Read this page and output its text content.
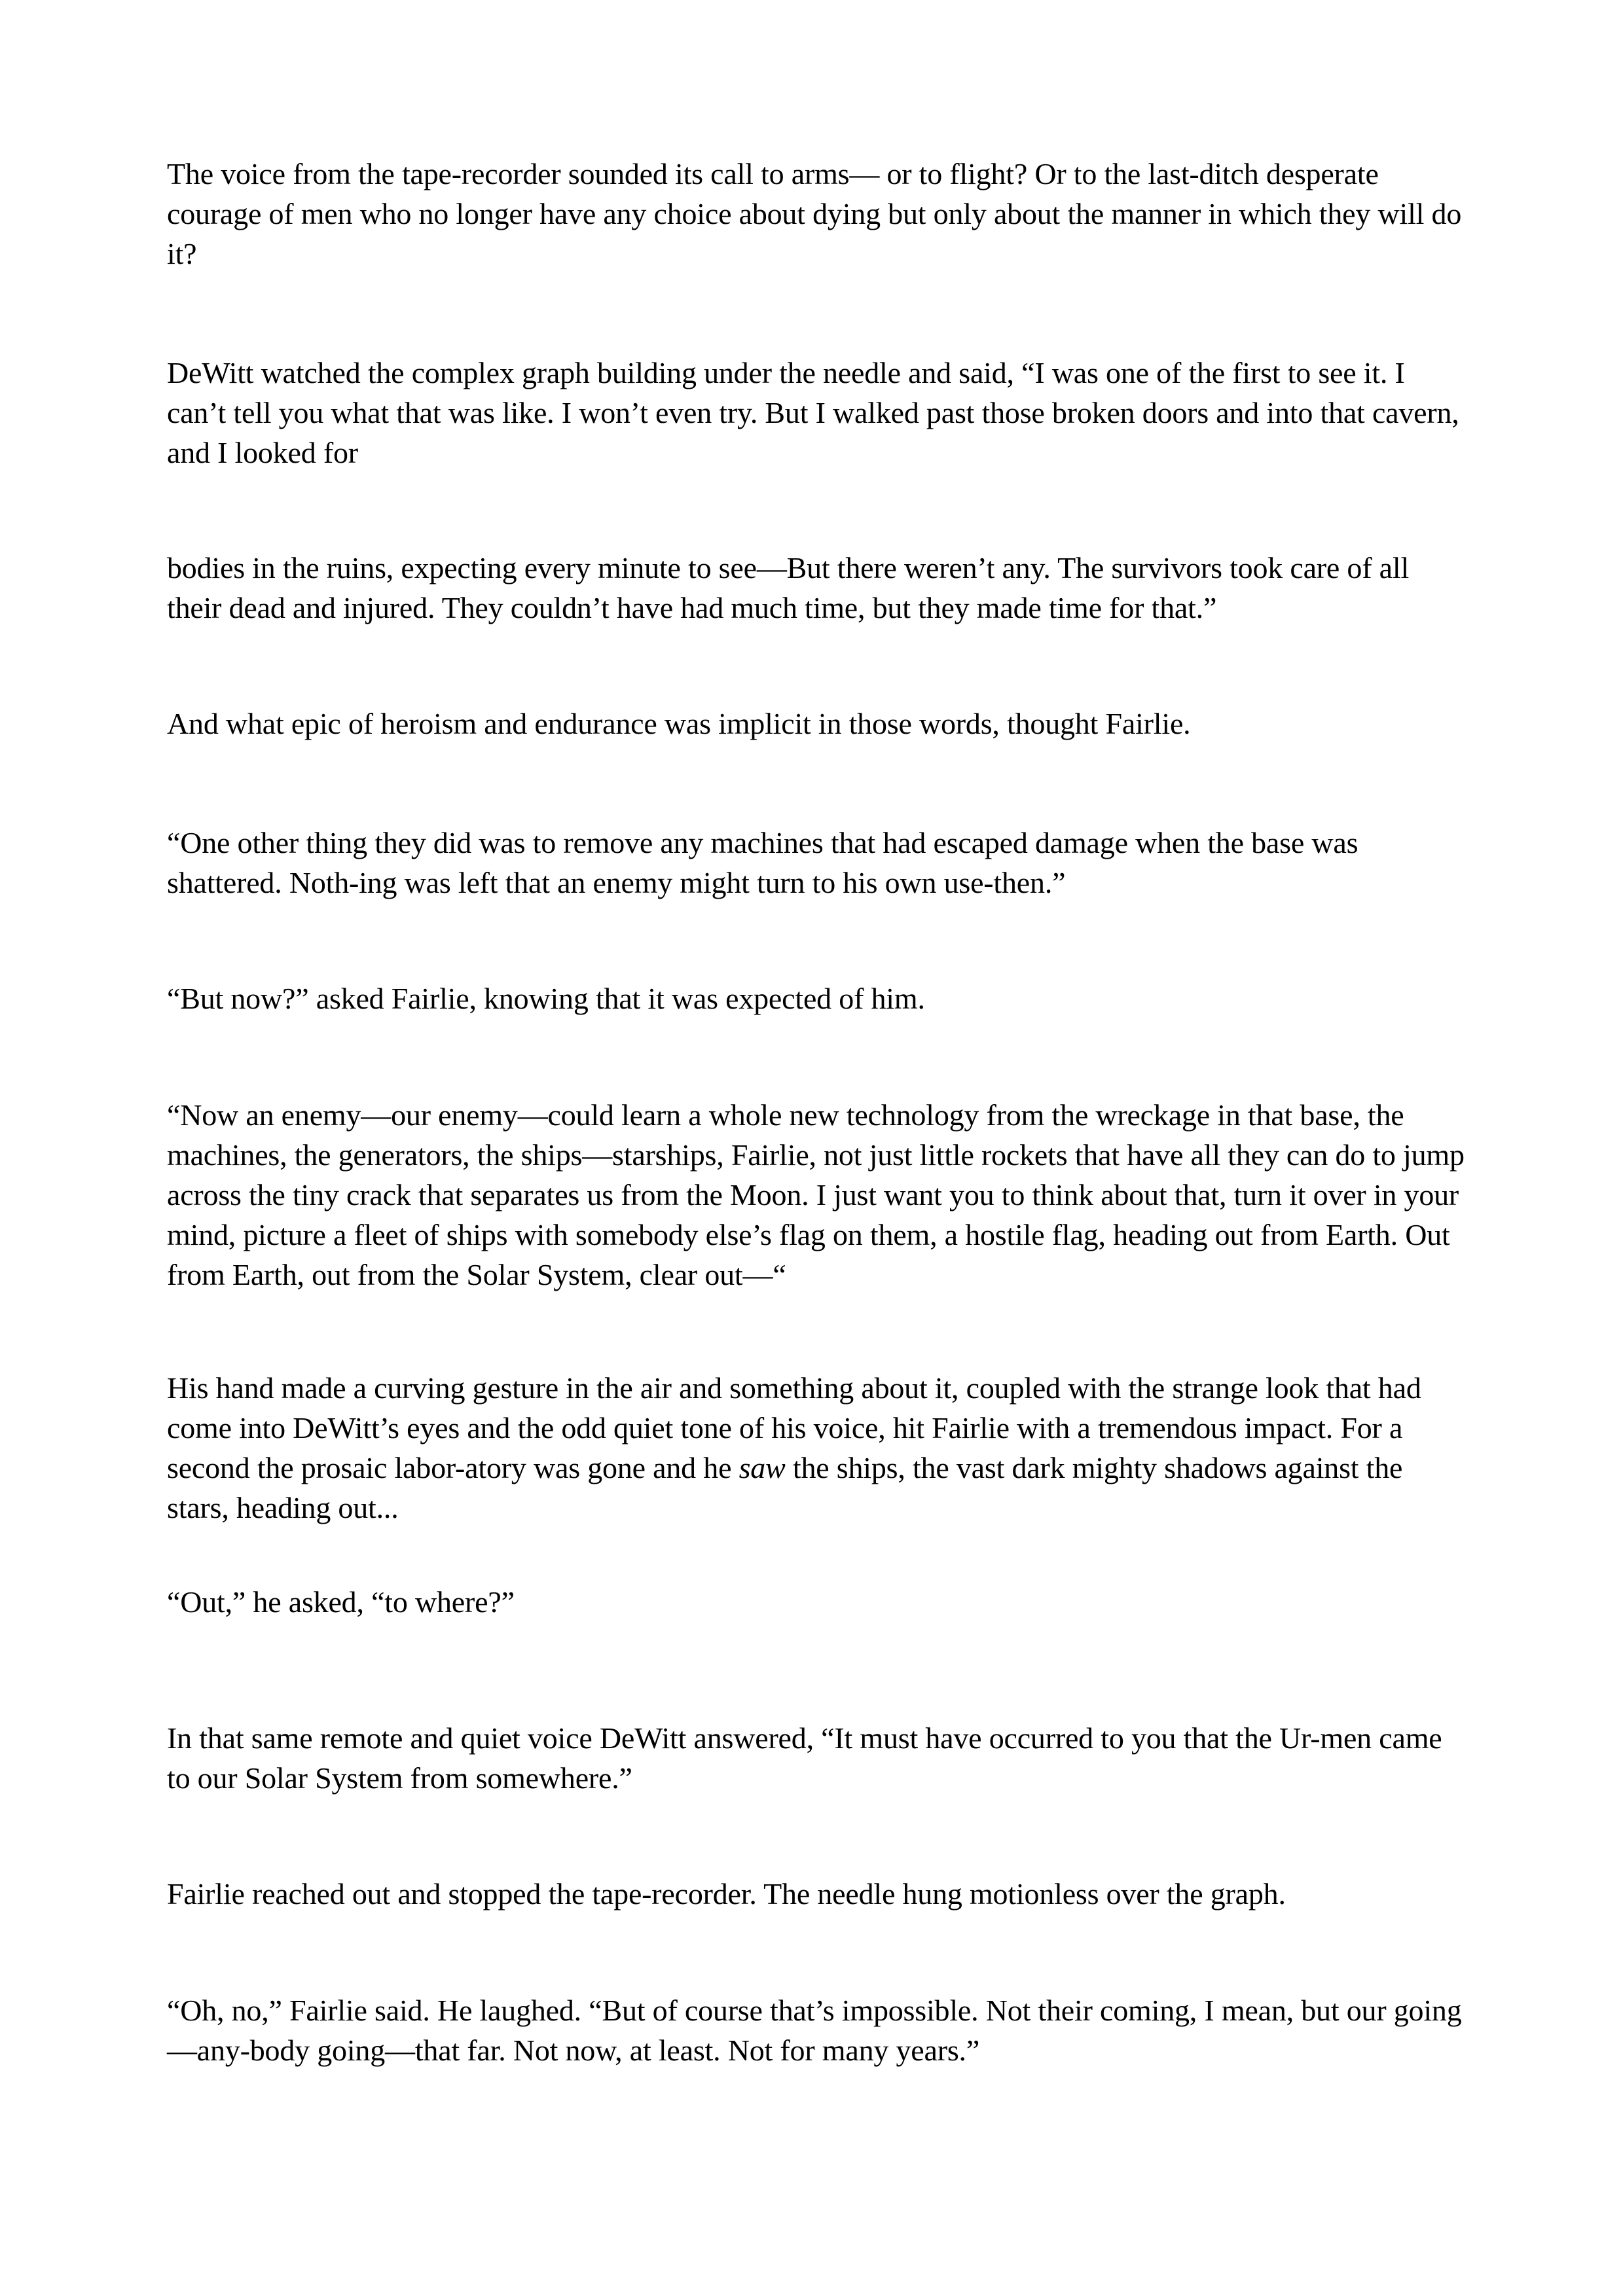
The voice from the tape-recorder sounded its call to arms— or to flight? Or to the last-ditch desperate courage of men who no longer have any choice about dying but only about the manner in which they will do it?

DeWitt watched the complex graph building under the needle and said, “I was one of the first to see it. I can’t tell you what that was like. I won’t even try. But I walked past those broken doors and into that cavern, and I looked for

bodies in the ruins, expecting every minute to see—But there weren’t any. The survivors took care of all their dead and injured. They couldn’t have had much time, but they made time for that.”

And what epic of heroism and endurance was implicit in those words, thought Fairlie.

“One other thing they did was to remove any machines that had escaped damage when the base was shattered. Noth-ing was left that an enemy might turn to his own use-then.”

“But now?” asked Fairlie, knowing that it was expected of him.

“Now an enemy—our enemy—could learn a whole new technology from the wreckage in that base, the machines, the generators, the ships—starships, Fairlie, not just little rockets that have all they can do to jump across the tiny crack that separates us from the Moon. I just want you to think about that, turn it over in your mind, picture a fleet of ships with somebody else’s flag on them, a hostile flag, heading out from Earth. Out from Earth, out from the Solar System, clear out—“

His hand made a curving gesture in the air and something about it, coupled with the strange look that had come into DeWitt’s eyes and the odd quiet tone of his voice, hit Fairlie with a tremendous impact. For a second the prosaic labor-atory was gone and he saw the ships, the vast dark mighty shadows against the stars, heading out...

“Out,” he asked, “to where?”

In that same remote and quiet voice DeWitt answered, “It must have occurred to you that the Ur-men came to our Solar System from somewhere.”

Fairlie reached out and stopped the tape-recorder. The needle hung motionless over the graph.

“Oh, no,” Fairlie said. He laughed. “But of course that’s impossible. Not their coming, I mean, but our going—any-body going—that far. Not now, at least. Not for many years.”
